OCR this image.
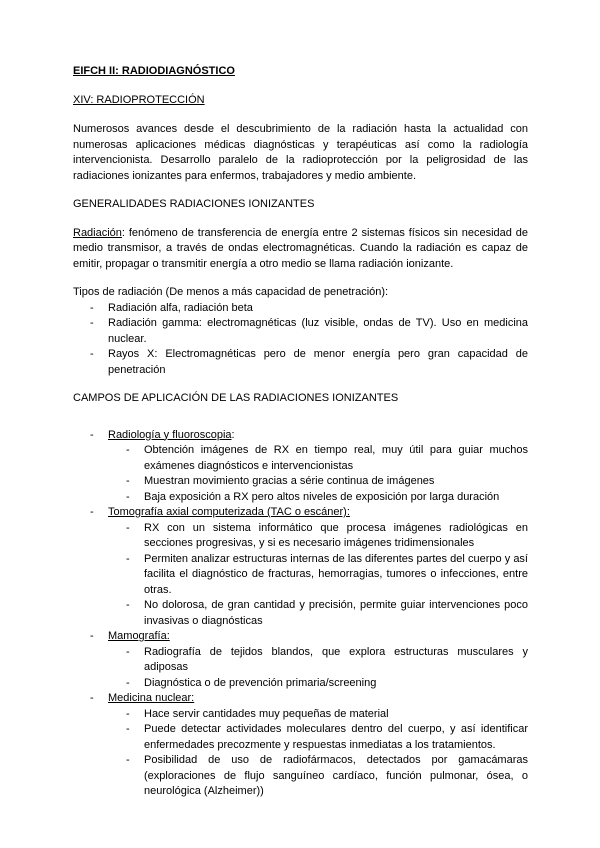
EIFCH II: RADIODIAGNÓSTICO
XIV: RADIOPROTECCIÓN

Numerosos avances desde el descubrimiento de la radiación hasta la actualidad con numerosas aplicaciones médicas diagnósticas y terapéuticas así como la radiología intervencionista. Desarrollo paralelo de la radioprotección por la peligrosidad de las radiaciones ionizantes para enfermos, trabajadores y medio ambiente.

GENERALIDADES RADIACIONES IONIZANTES

Radiación: fenómeno de transferencia de energía entre 2 sistemas físicos sin necesidad de medio transmisor, a través de ondas electromagnéticas. Cuando la radiación es capaz de emitir, propagar o transmitir energía a otro medio se llama radiación ionizante.

Tipos de radiación (De menos a más capacidad de penetración):
- Radiación alfa, radiación beta
- Radiación gamma: electromagnéticas (luz visible, ondas de TV). Uso en medicina nuclear.
- Rayos X: Electromagnéticas pero de menor energía pero gran capacidad de penetración
CAMPOS DE APLICACIÓN DE LAS RADIACIONES IONIZANTES
- Radiología y fluoroscopia:
- Obtención imágenes de RX en tiempo real, muy útil para guiar muchos exámenes diagnósticos e intervencionistas
- Muestran movimiento gracias a série continua de imágenes
- Baja exposición a RX pero altos niveles de exposición por larga duración
- Tomografía axial computerizada (TAC o escáner):
- RX con un sistema informático que procesa imágenes radiológicas en secciones progresivas, y si es necesario imágenes tridimensionales
- Permiten analizar estructuras internas de las diferentes partes del cuerpo y así facilita el diagnóstico de fracturas, hemorragias, tumores o infecciones, entre otras.
- No dolorosa, de gran cantidad y precisión, permite guiar intervenciones poco invasivas o diagnósticas
- Mamografía:
- Radiografía de tejidos blandos, que explora estructuras musculares y adiposas
- Diagnóstica o de prevención primaria/screening
- Medicina nuclear:
- Hace servir cantidades muy pequeñas de material
- Puede detectar actividades moleculares dentro del cuerpo, y así identificar enfermedades precozmente y respuestas inmediatas a los tratamientos.
- Posibilidad de uso de radiofármacos, detectados por gamacámaras (exploraciones de flujo sanguíneo cardíaco, función pulmonar, ósea, o neurológica (Alzheimer))
